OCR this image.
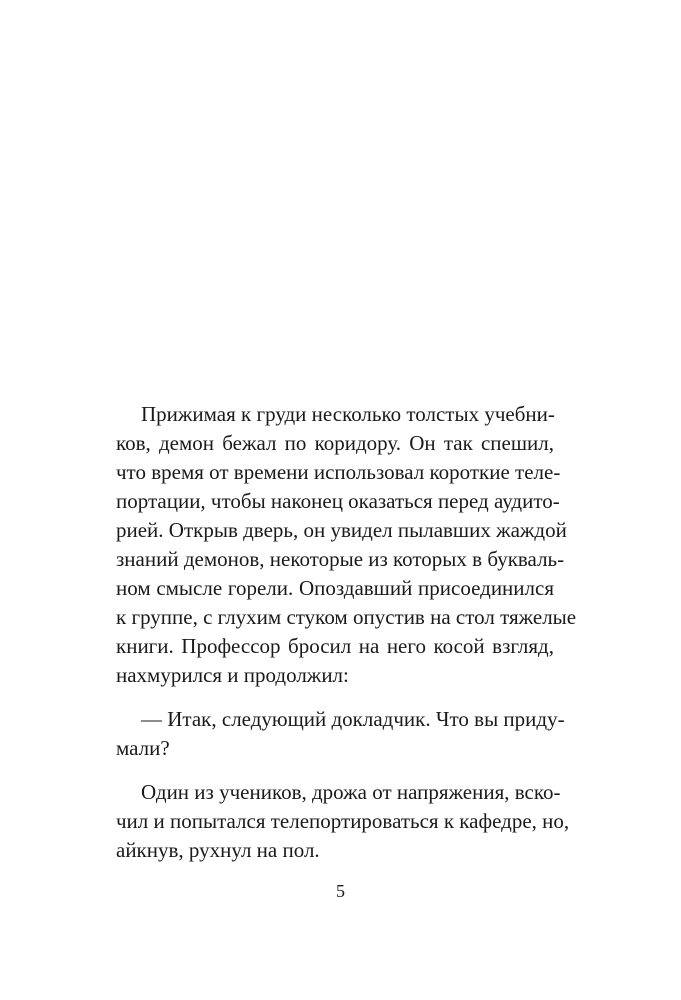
Прижимая к груди несколько толстых учебни-
ков, демон бежал по коридору. Он так спешил,
что время от времени использовал короткие теле-
портации, чтобы наконец оказаться перед аудито-
рией. Открыв дверь, он увидел пылавших жаждой
знаний демонов, некоторые из которых в букваль-
ном смысле горели. Опоздавший присоединился
к группе, с глухим стуком опустив на стол тяжелые
книги. Профессор бросил на него косой взгляд,
нахмурился и продолжил:

— Итак, следующий докладчик. Что вы приду-
мали?

Один из учеников, дрожа от напряжения, вско-
чил и попытался телепортироваться к кафедре, но,
айкнув, рухнул на пол.

5
